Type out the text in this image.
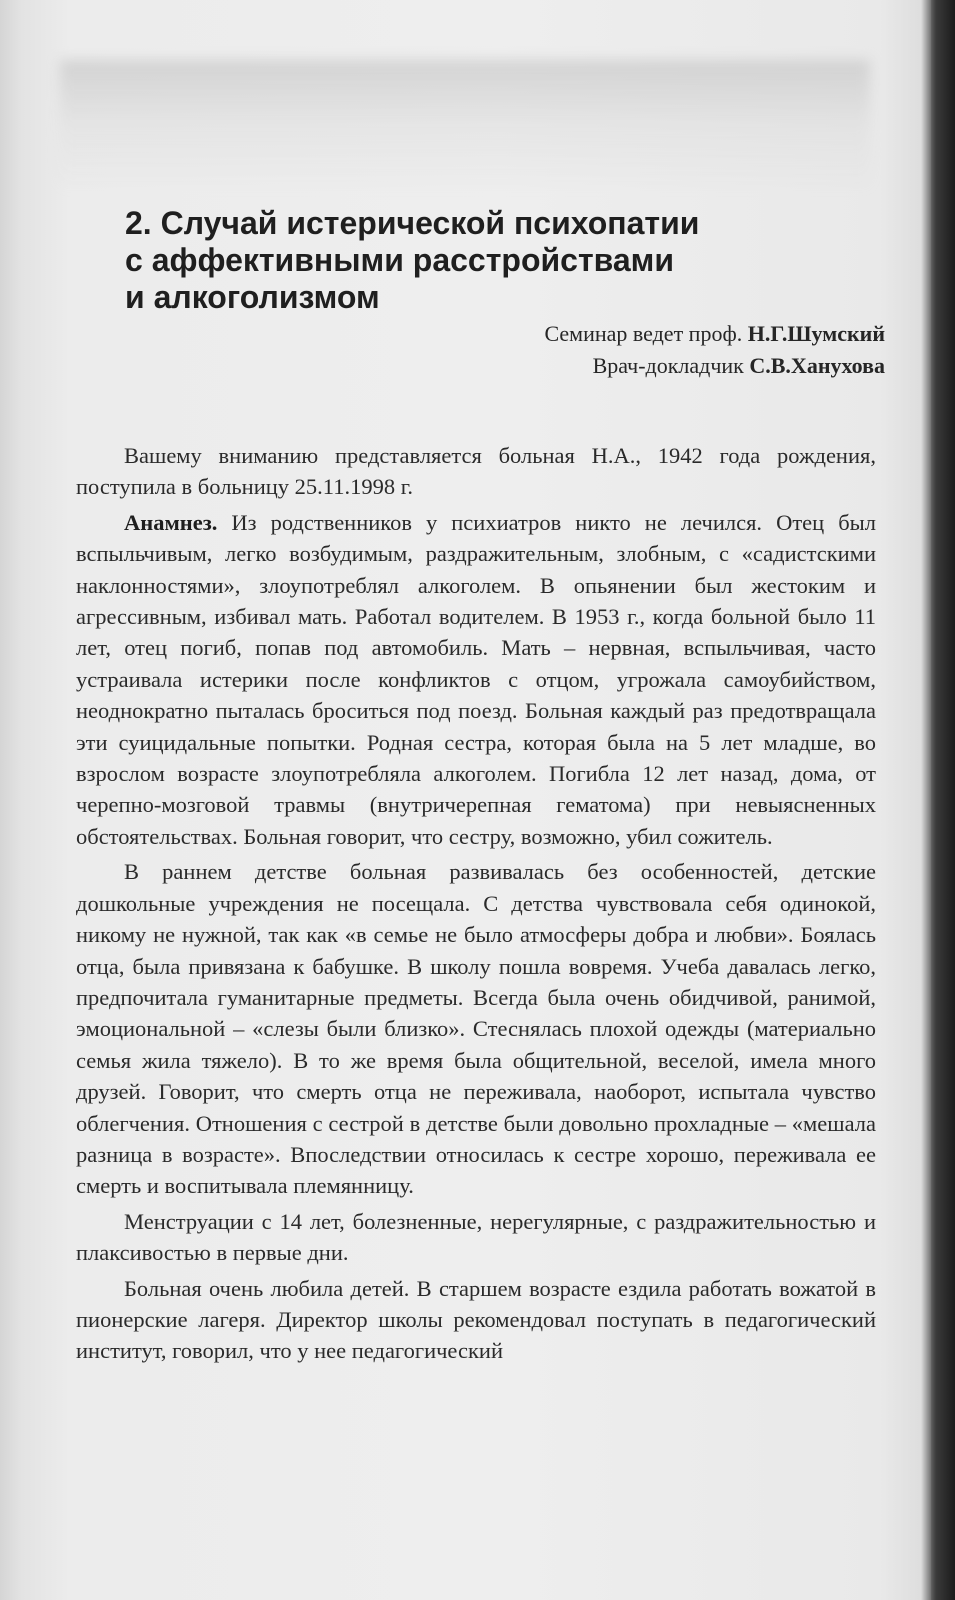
2. Случай истерической психопатии
с аффективными расстройствами
и алкоголизмом
Семинар ведет проф. Н.Г.Шумский
Врач-докладчик С.В.Ханухова

Вашему вниманию представляется больная Н.А., 1942 года рождения, поступила в больницу 25.11.1998 г.

Анамнез. Из родственников у психиатров никто не лечился. Отец был вспыльчивым, легко возбудимым, раздражительным, злобным, с «садистскими наклонностями», злоупотреблял алкоголем. В опьянении был жестоким и агрессивным, избивал мать. Работал водителем. В 1953 г., когда больной было 11 лет, отец погиб, попав под автомобиль. Мать – нервная, вспыльчивая, часто устраивала истерики после конфликтов с отцом, угрожала самоубийством, неоднократно пыталась броситься под поезд. Больная каждый раз предотвращала эти суицидальные попытки. Родная сестра, которая была на 5 лет младше, во взрослом возрасте злоупотребляла алкоголем. Погибла 12 лет назад, дома, от черепно-мозговой травмы (внутричерепная гематома) при невыясненных обстоятельствах. Больная говорит, что сестру, возможно, убил сожитель.

В раннем детстве больная развивалась без особенностей, детские дошкольные учреждения не посещала. С детства чувствовала себя одинокой, никому не нужной, так как «в семье не было атмосферы добра и любви». Боялась отца, была привязана к бабушке. В школу пошла вовремя. Учеба давалась легко, предпочитала гуманитарные предметы. Всегда была очень обидчивой, ранимой, эмоциональной – «слезы были близко». Стеснялась плохой одежды (материально семья жила тяжело). В то же время была общительной, веселой, имела много друзей. Говорит, что смерть отца не переживала, наоборот, испытала чувство облегчения. Отношения с сестрой в детстве были довольно прохладные – «мешала разница в возрасте». Впоследствии относилась к сестре хорошо, переживала ее смерть и воспитывала племянницу.

Менструации с 14 лет, болезненные, нерегулярные, с раздражительностью и плаксивостью в первые дни.

Больная очень любила детей. В старшем возрасте ездила работать вожатой в пионерские лагеря. Директор школы рекомендовал поступать в педагогический институт, говорил, что у нее педагогический
